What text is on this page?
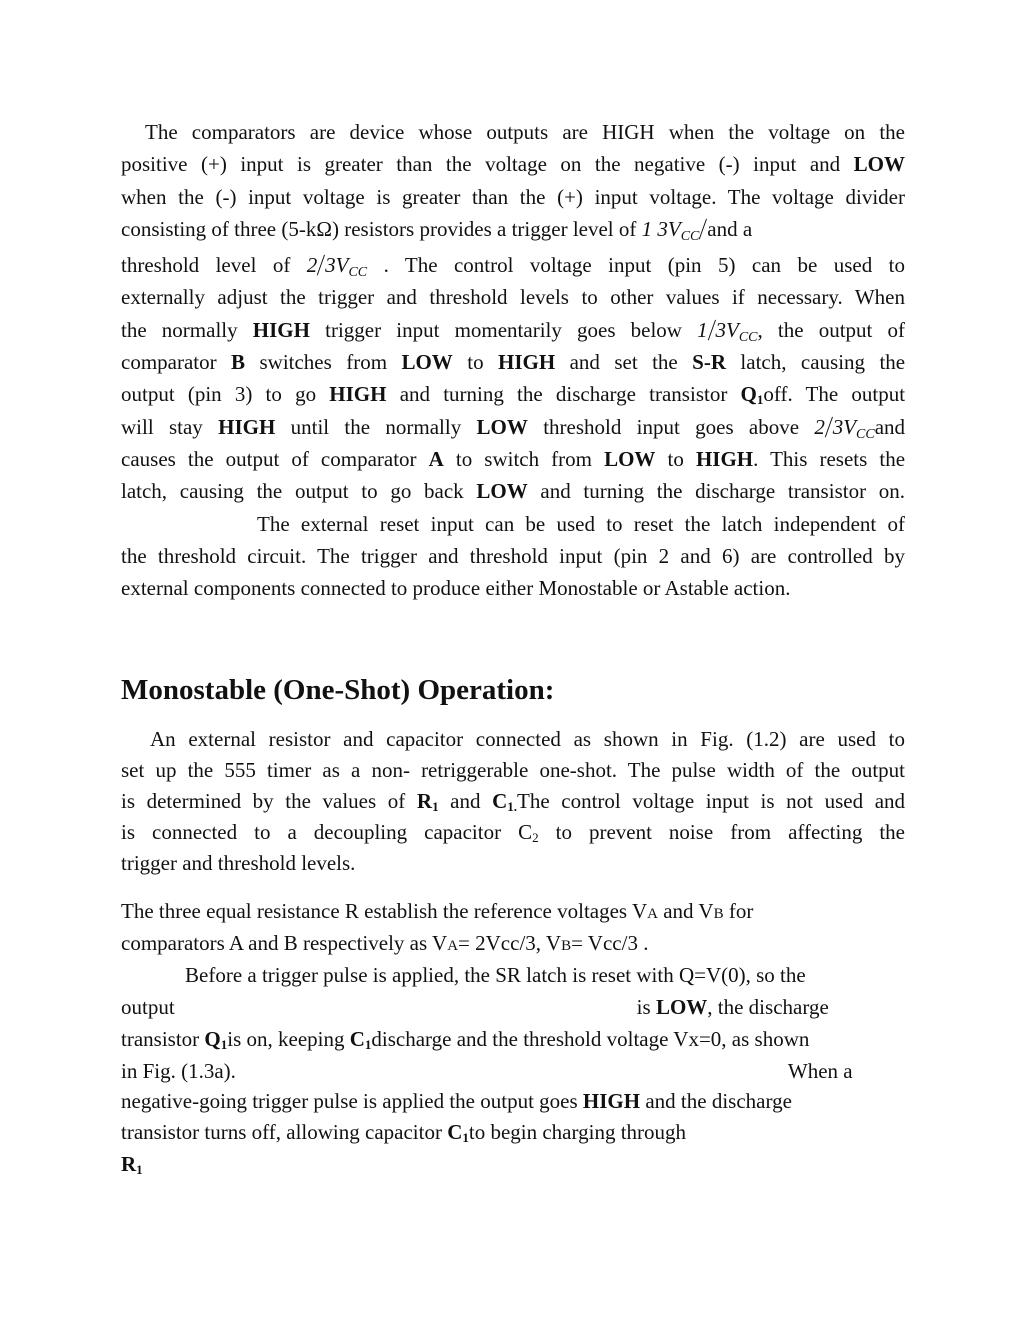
The comparators are device whose outputs are HIGH when the voltage on the
positive (+) input is greater than the voltage on the negative (-) input and LOW
when the (-) input voltage is greater than the (+) input voltage. The voltage divider
consisting of three (5-kΩ) resistors provides a trigger level of 1 3VCC/and a
threshold level of 2/3VCC . The control voltage input (pin 5) can be used to
externally adjust the trigger and threshold levels to other values if necessary. When
the normally HIGH trigger input momentarily goes below 1/3VCC, the output of
comparator B switches from LOW to HIGH and set the S-R latch, causing the
output (pin 3) to go HIGH and turning the discharge transistor $Q_1off$. The output
will stay HIGH until the normally LOW threshold input goes above 2/3VCCand
causes the output of comparator A to switch from LOW to HIGH. This resets the
latch, causing the output to go back LOW and turning the discharge transistor on.
The external reset input can be used to reset the latch independent of
the threshold circuit. The trigger and threshold input (pin 2 and 6) are controlled by
external components connected to produce either Monostable or Astable action.
Monostable (One-Shot) Operation:
An external resistor and capacitor connected as shown in Fig. (1.2) are used to
set up the 555 timer as a non- retriggerable one-shot. The pulse width of the output
is determined by the values of $R_1$ and $C_{1.}The$ control voltage input is not used and
is connected to a decoupling capacitor $C_2$ to prevent noise from affecting the
trigger and threshold levels.
The three equal resistance R establish the reference voltages VA and VB for
comparators A and B respectively as VA= 2Vcc/3, VB= Vcc/3 .
Before a trigger pulse is applied, the SR latch is reset with Q=V(0), so the
output	is LOW, the discharge
transistor $Q_1is$ on, keeping $C_1discharge$ and the threshold voltage Vx=0, as shown
in Fig. (1.3a).	When a
negative-going trigger pulse is applied the output goes HIGH and the discharge
transistor turns off, allowing capacitor $C_1to$ begin charging through
$R_1$
